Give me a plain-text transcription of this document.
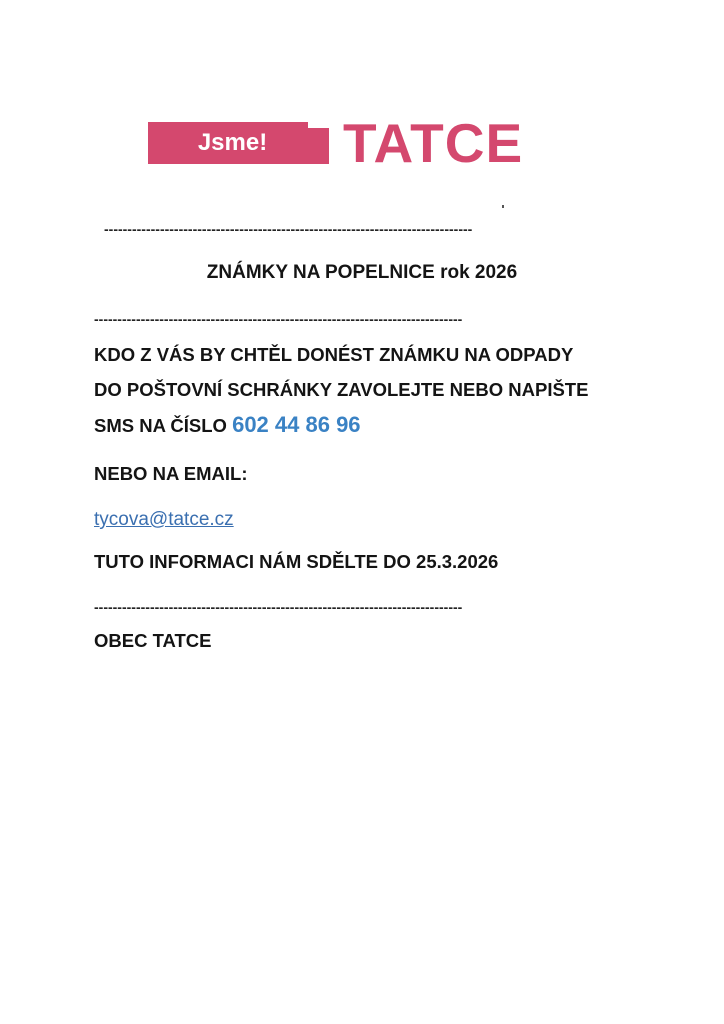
Jsme!	TATCE
-------------------------------------------------------------------------------
ZNÁMKY NA POPELNICE rok 2026
-------------------------------------------------------------------------------
KDO Z VÁS BY CHTĚL DONÉST ZNÁMKU NA ODPADY
DO POŠTOVNÍ SCHRÁNKY ZAVOLEJTE NEBO NAPIŠTE
SMS NA ČÍSLO 602 44 86 96
NEBO NA EMAIL:
tycova@tatce.cz
TUTO INFORMACI NÁM SDĚLTE DO 25.3.2026
-------------------------------------------------------------------------------
OBEC TATCE
